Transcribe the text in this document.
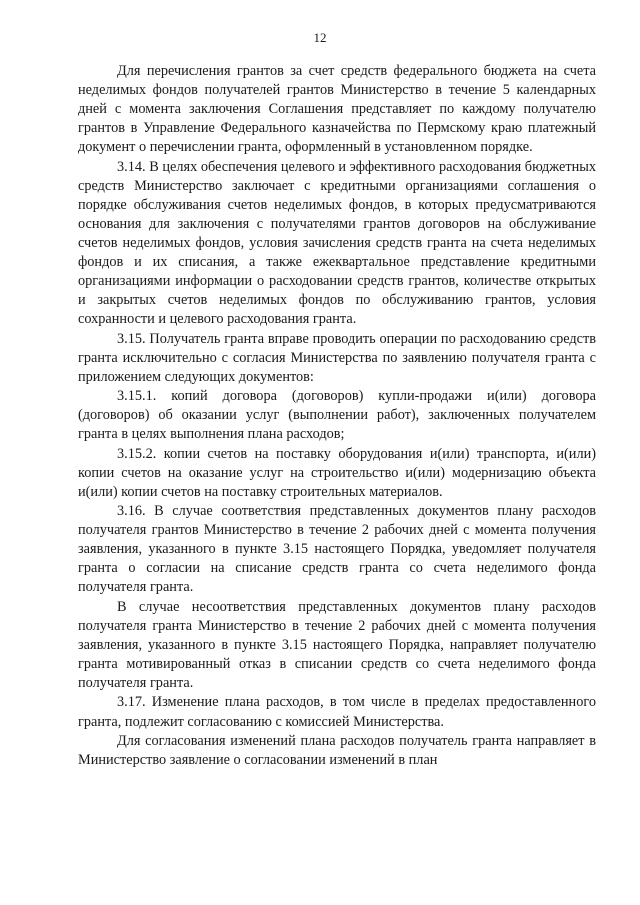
12

Для перечисления грантов за счет средств федерального бюджета на счета неделимых фондов получателей грантов Министерство в течение 5 календарных дней с момента заключения Соглашения представляет по каждому получателю грантов в Управление Федерального казначейства по Пермскому краю платежный документ о перечислении гранта, оформленный в установленном порядке.

3.14. В целях обеспечения целевого и эффективного расходования бюджетных средств Министерство заключает с кредитными организациями соглашения о порядке обслуживания счетов неделимых фондов, в которых предусматриваются основания для заключения с получателями грантов договоров на обслуживание счетов неделимых фондов, условия зачисления средств гранта на счета неделимых фондов и их списания, а также ежеквартальное представление кредитными организациями информации о расходовании средств грантов, количестве открытых и закрытых счетов неделимых фондов по обслуживанию грантов, условия сохранности и целевого расходования гранта.

3.15. Получатель гранта вправе проводить операции по расходованию средств гранта исключительно с согласия Министерства по заявлению получателя гранта с приложением следующих документов:

3.15.1. копий договора (договоров) купли-продажи и(или) договора (договоров) об оказании услуг (выполнении работ), заключенных получателем гранта в целях выполнения плана расходов;

3.15.2. копии счетов на поставку оборудования и(или) транспорта, и(или) копии счетов на оказание услуг на строительство и(или) модернизацию объекта и(или) копии счетов на поставку строительных материалов.

3.16. В случае соответствия представленных документов плану расходов получателя грантов Министерство в течение 2 рабочих дней с момента получения заявления, указанного в пункте 3.15 настоящего Порядка, уведомляет получателя гранта о согласии на списание средств гранта со счета неделимого фонда получателя гранта.

В случае несоответствия представленных документов плану расходов получателя гранта Министерство в течение 2 рабочих дней с момента получения заявления, указанного в пункте 3.15 настоящего Порядка, направляет получателю гранта мотивированный отказ в списании средств со счета неделимого фонда получателя гранта.

3.17. Изменение плана расходов, в том числе в пределах предоставленного гранта, подлежит согласованию с комиссией Министерства.

Для согласования изменений плана расходов получатель гранта направляет в Министерство заявление о согласовании изменений в план
